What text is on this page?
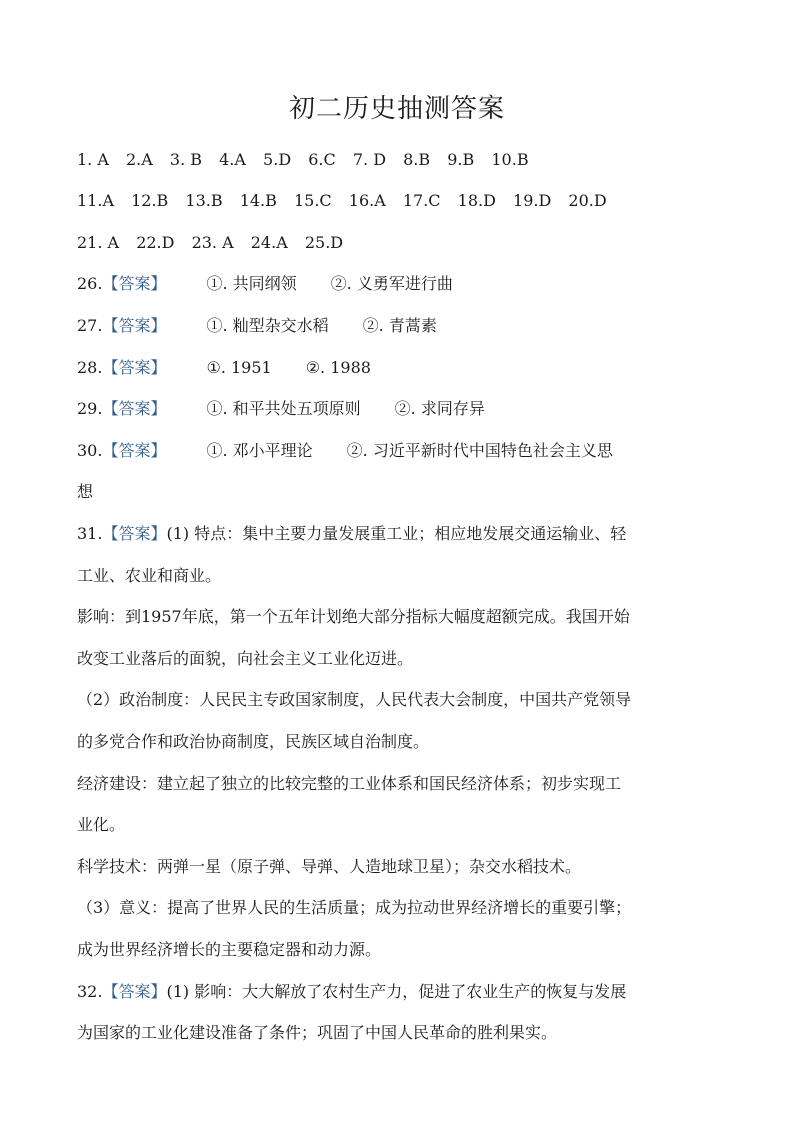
初二历史抽测答案
1. A 2.A 3. B 4.A 5.D 6.C 7. D 8.B 9.B 10.B
11.A 12.B 13.B 14.B 15.C 16.A 17.C 18.D 19.D 20.D
21. A 22.D 23. A 24.A 25.D
26.【答案】	①. 共同纲领 ②. 义勇军进行曲
27.【答案】	①. 籼型杂交水稻 ②. 青蒿素
28.【答案】	①. 1951 ②. 1988
29.【答案】	①. 和平共处五项原则 ②. 求同存异
30.【答案】	①. 邓小平理论 ②. 习近平新时代中国特色社会主义思
想
31.【答案】(1) 特点：集中主要力量发展重工业；相应地发展交通运输业、轻
工业、农业和商业。
影响：到1957年底，第一个五年计划绝大部分指标大幅度超额完成。我国开始
改变工业落后的面貌，向社会主义工业化迈进。
（2）政治制度：人民民主专政国家制度，人民代表大会制度，中国共产党领导
的多党合作和政治协商制度，民族区域自治制度。
经济建设：建立起了独立的比较完整的工业体系和国民经济体系；初步实现工
业化。
科学技术：两弹一星（原子弹、导弹、人造地球卫星）；杂交水稻技术。
（3）意义：提高了世界人民的生活质量；成为拉动世界经济增长的重要引擎；
成为世界经济增长的主要稳定器和动力源。
32.【答案】(1) 影响：大大解放了农村生产力，促进了农业生产的恢复与发展
为国家的工业化建设准备了条件；巩固了中国人民革命的胜利果实。
